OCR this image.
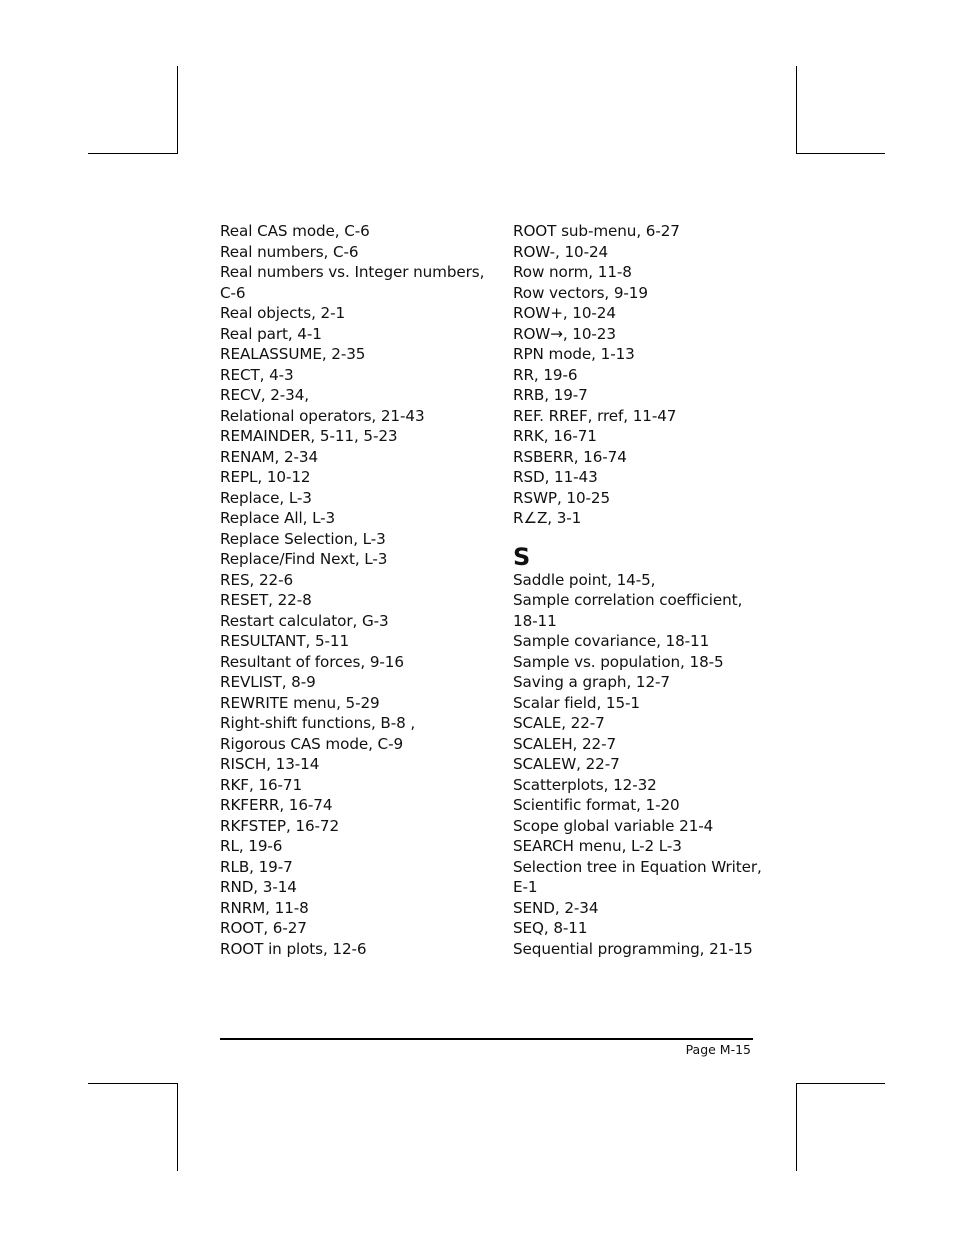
Real CAS mode, C-6
Real numbers, C-6
Real numbers vs. Integer numbers,
C-6
Real objects, 2-1
Real part, 4-1
REALASSUME, 2-35
RECT, 4-3
RECV, 2-34,
Relational operators, 21-43
REMAINDER, 5-11, 5-23
RENAM, 2-34
REPL, 10-12
Replace, L-3
Replace All, L-3
Replace Selection, L-3
Replace/Find Next, L-3
RES, 22-6
RESET, 22-8
Restart calculator, G-3
RESULTANT, 5-11
Resultant of forces, 9-16
REVLIST, 8-9
REWRITE menu, 5-29
Right-shift functions, B-8 ,
Rigorous CAS mode, C-9
RISCH, 13-14
RKF, 16-71
RKFERR, 16-74
RKFSTEP, 16-72
RL, 19-6
RLB, 19-7
RND, 3-14
RNRM, 11-8
ROOT, 6-27
ROOT in plots, 12-6
ROOT sub-menu, 6-27
ROW-, 10-24
Row norm, 11-8
Row vectors, 9-19
ROW+, 10-24
ROW→, 10-23
RPN mode, 1-13
RR, 19-6
RRB, 19-7
REF. RREF, rref, 11-47
RRK, 16-71
RSBERR, 16-74
RSD, 11-43
RSWP, 10-25
R∠Z, 3-1
S
Saddle point, 14-5,
Sample correlation coefficient,
18-11
Sample covariance, 18-11
Sample vs. population, 18-5
Saving a graph, 12-7
Scalar field, 15-1
SCALE, 22-7
SCALEH, 22-7
SCALEW, 22-7
Scatterplots, 12-32
Scientific format, 1-20
Scope global variable 21-4
SEARCH menu, L-2 L-3
Selection tree in Equation Writer,
E-1
SEND, 2-34
SEQ, 8-11
Sequential programming, 21-15
Page M-15
